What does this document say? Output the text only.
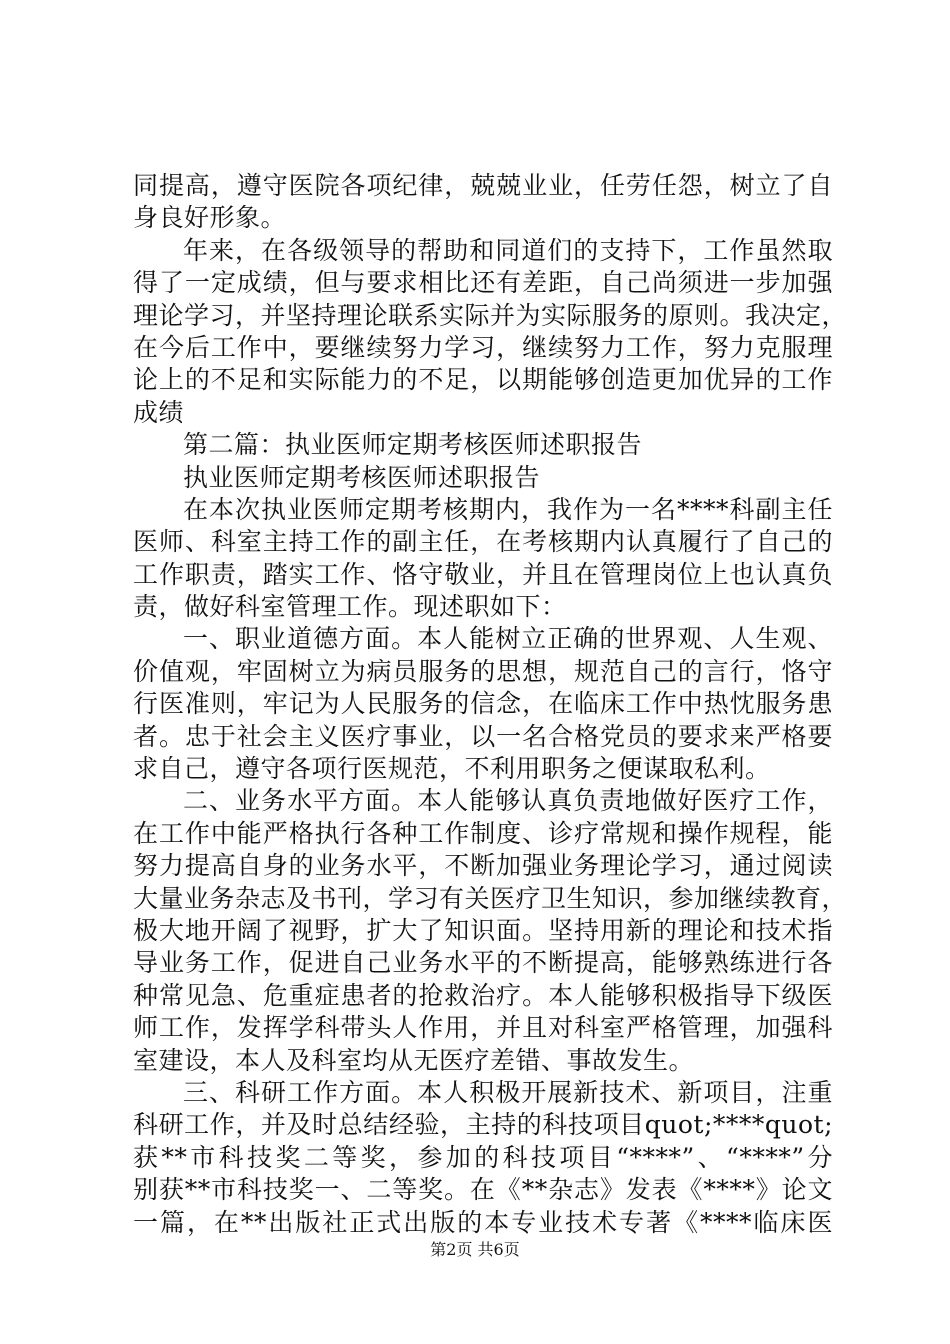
同提高，遵守医院各项纪律，兢兢业业，任劳任怨，树立了自
身良好形象。
年来，在各级领导的帮助和同道们的支持下，工作虽然取
得了一定成绩，但与要求相比还有差距，自己尚须进一步加强
理论学习，并坚持理论联系实际并为实际服务的原则。我决定，
在今后工作中，要继续努力学习，继续努力工作，努力克服理
论上的不足和实际能力的不足，以期能够创造更加优异的工作
成绩
第二篇：执业医师定期考核医师述职报告
执业医师定期考核医师述职报告
在本次执业医师定期考核期内，我作为一名****科副主任
医师、科室主持工作的副主任，在考核期内认真履行了自己的
工作职责，踏实工作、恪守敬业，并且在管理岗位上也认真负
责，做好科室管理工作。现述职如下：
一、职业道德方面。本人能树立正确的世界观、人生观、
价值观，牢固树立为病员服务的思想，规范自己的言行，恪守
行医准则，牢记为人民服务的信念，在临床工作中热忱服务患
者。忠于社会主义医疗事业，以一名合格党员的要求来严格要
求自己，遵守各项行医规范，不利用职务之便谋取私利。
二、业务水平方面。本人能够认真负责地做好医疗工作，
在工作中能严格执行各种工作制度、诊疗常规和操作规程，能
努力提高自身的业务水平，不断加强业务理论学习，通过阅读
大量业务杂志及书刊，学习有关医疗卫生知识，参加继续教育，
极大地开阔了视野，扩大了知识面。坚持用新的理论和技术指
导业务工作，促进自己业务水平的不断提高，能够熟练进行各
种常见急、危重症患者的抢救治疗。本人能够积极指导下级医
师工作，发挥学科带头人作用，并且对科室严格管理，加强科
室建设，本人及科室均从无医疗差错、事故发生。
三、科研工作方面。本人积极开展新技术、新项目，注重
科研工作，并及时总结经验，主持的科技项目quot;****quot;
获**市科技奖二等奖，参加的科技项目“****”、“****”分
别获**市科技奖一、二等奖。在《**杂志》发表《****》论文
一篇，在**出版社正式出版的本专业技术专著《****临床医
第2页 共6页
